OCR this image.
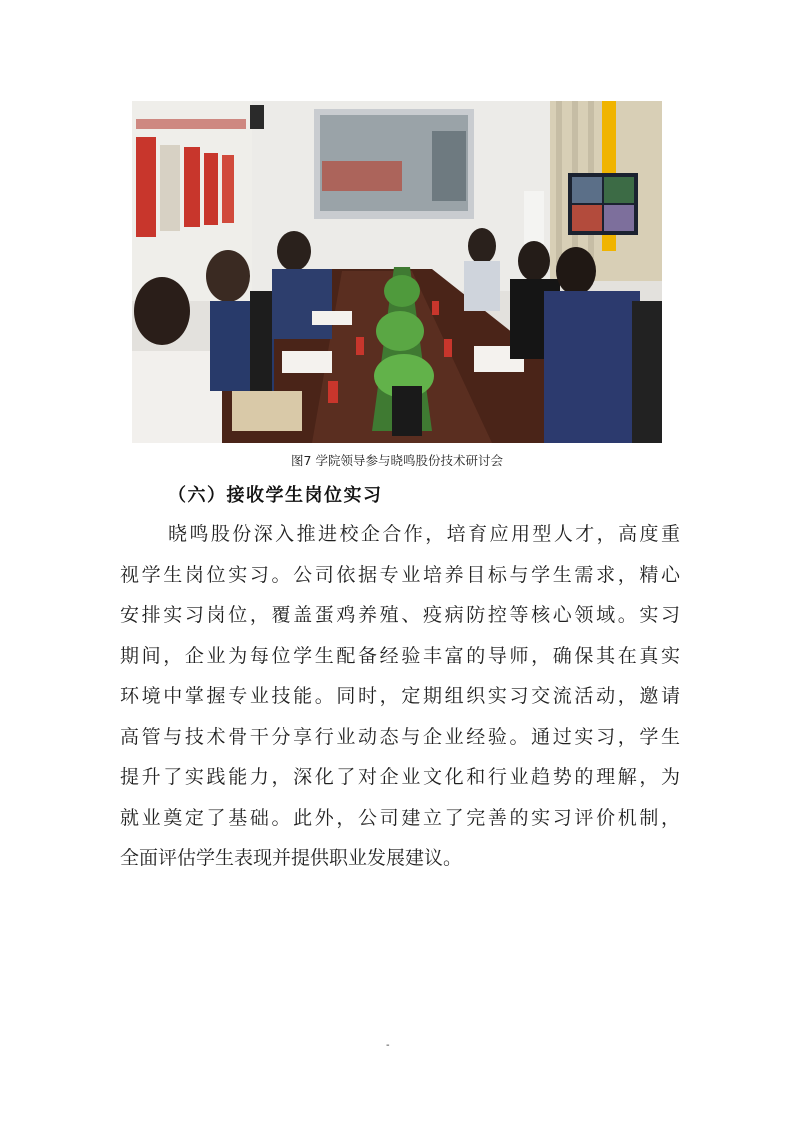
图7 学院领导参与晓鸣股份技术研讨会
（六）接收学生岗位实习

晓鸣股份深入推进校企合作，培育应用型人才，高度重
视学生岗位实习。公司依据专业培养目标与学生需求，精心
安排实习岗位，覆盖蛋鸡养殖、疫病防控等核心领域。实习
期间，企业为每位学生配备经验丰富的导师，确保其在真实
环境中掌握专业技能。同时，定期组织实习交流活动，邀请
高管与技术骨干分享行业动态与企业经验。通过实习，学生
提升了实践能力，深化了对企业文化和行业趋势的理解，为
就业奠定了基础。此外，公司建立了完善的实习评价机制，
全面评估学生表现并提供职业发展建议。

-
